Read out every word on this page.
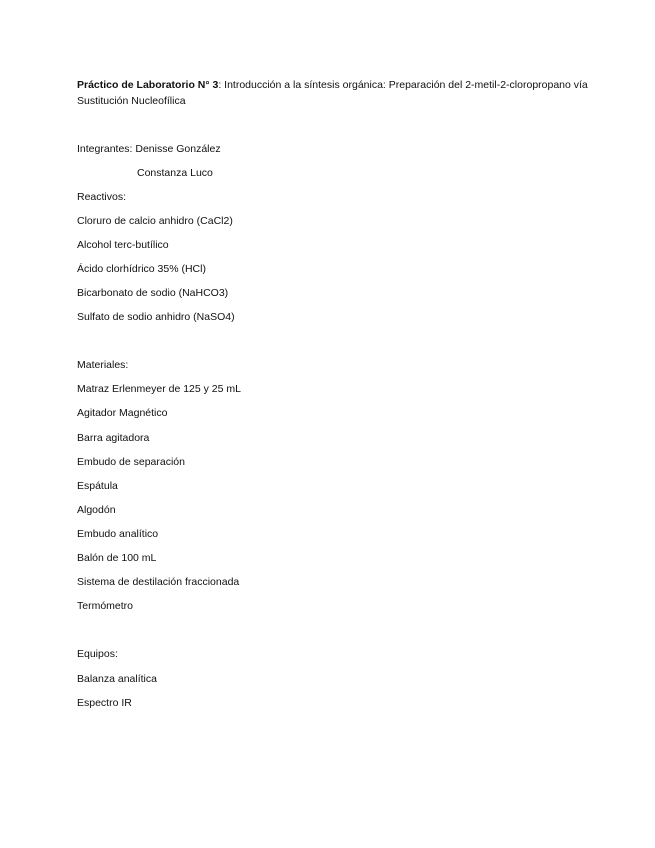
Práctico de Laboratorio N° 3: Introducción a la síntesis orgánica: Preparación del 2-metil-2-cloropropano vía Sustitución Nucleofílica
Integrantes: Denisse González
Constanza Luco
Reactivos:
Cloruro de calcio anhidro (CaCl2)
Alcohol terc-butílico
Ácido clorhídrico 35% (HCl)
Bicarbonato de sodio (NaHCO3)
Sulfato de sodio anhidro (NaSO4)
Materiales:
Matraz Erlenmeyer de 125 y 25 mL
Agitador Magnético
Barra agitadora
Embudo de separación
Espátula
Algodón
Embudo analítico
Balón de 100 mL
Sistema de destilación fraccionada
Termómetro
Equipos:
Balanza analítica
Espectro IR
